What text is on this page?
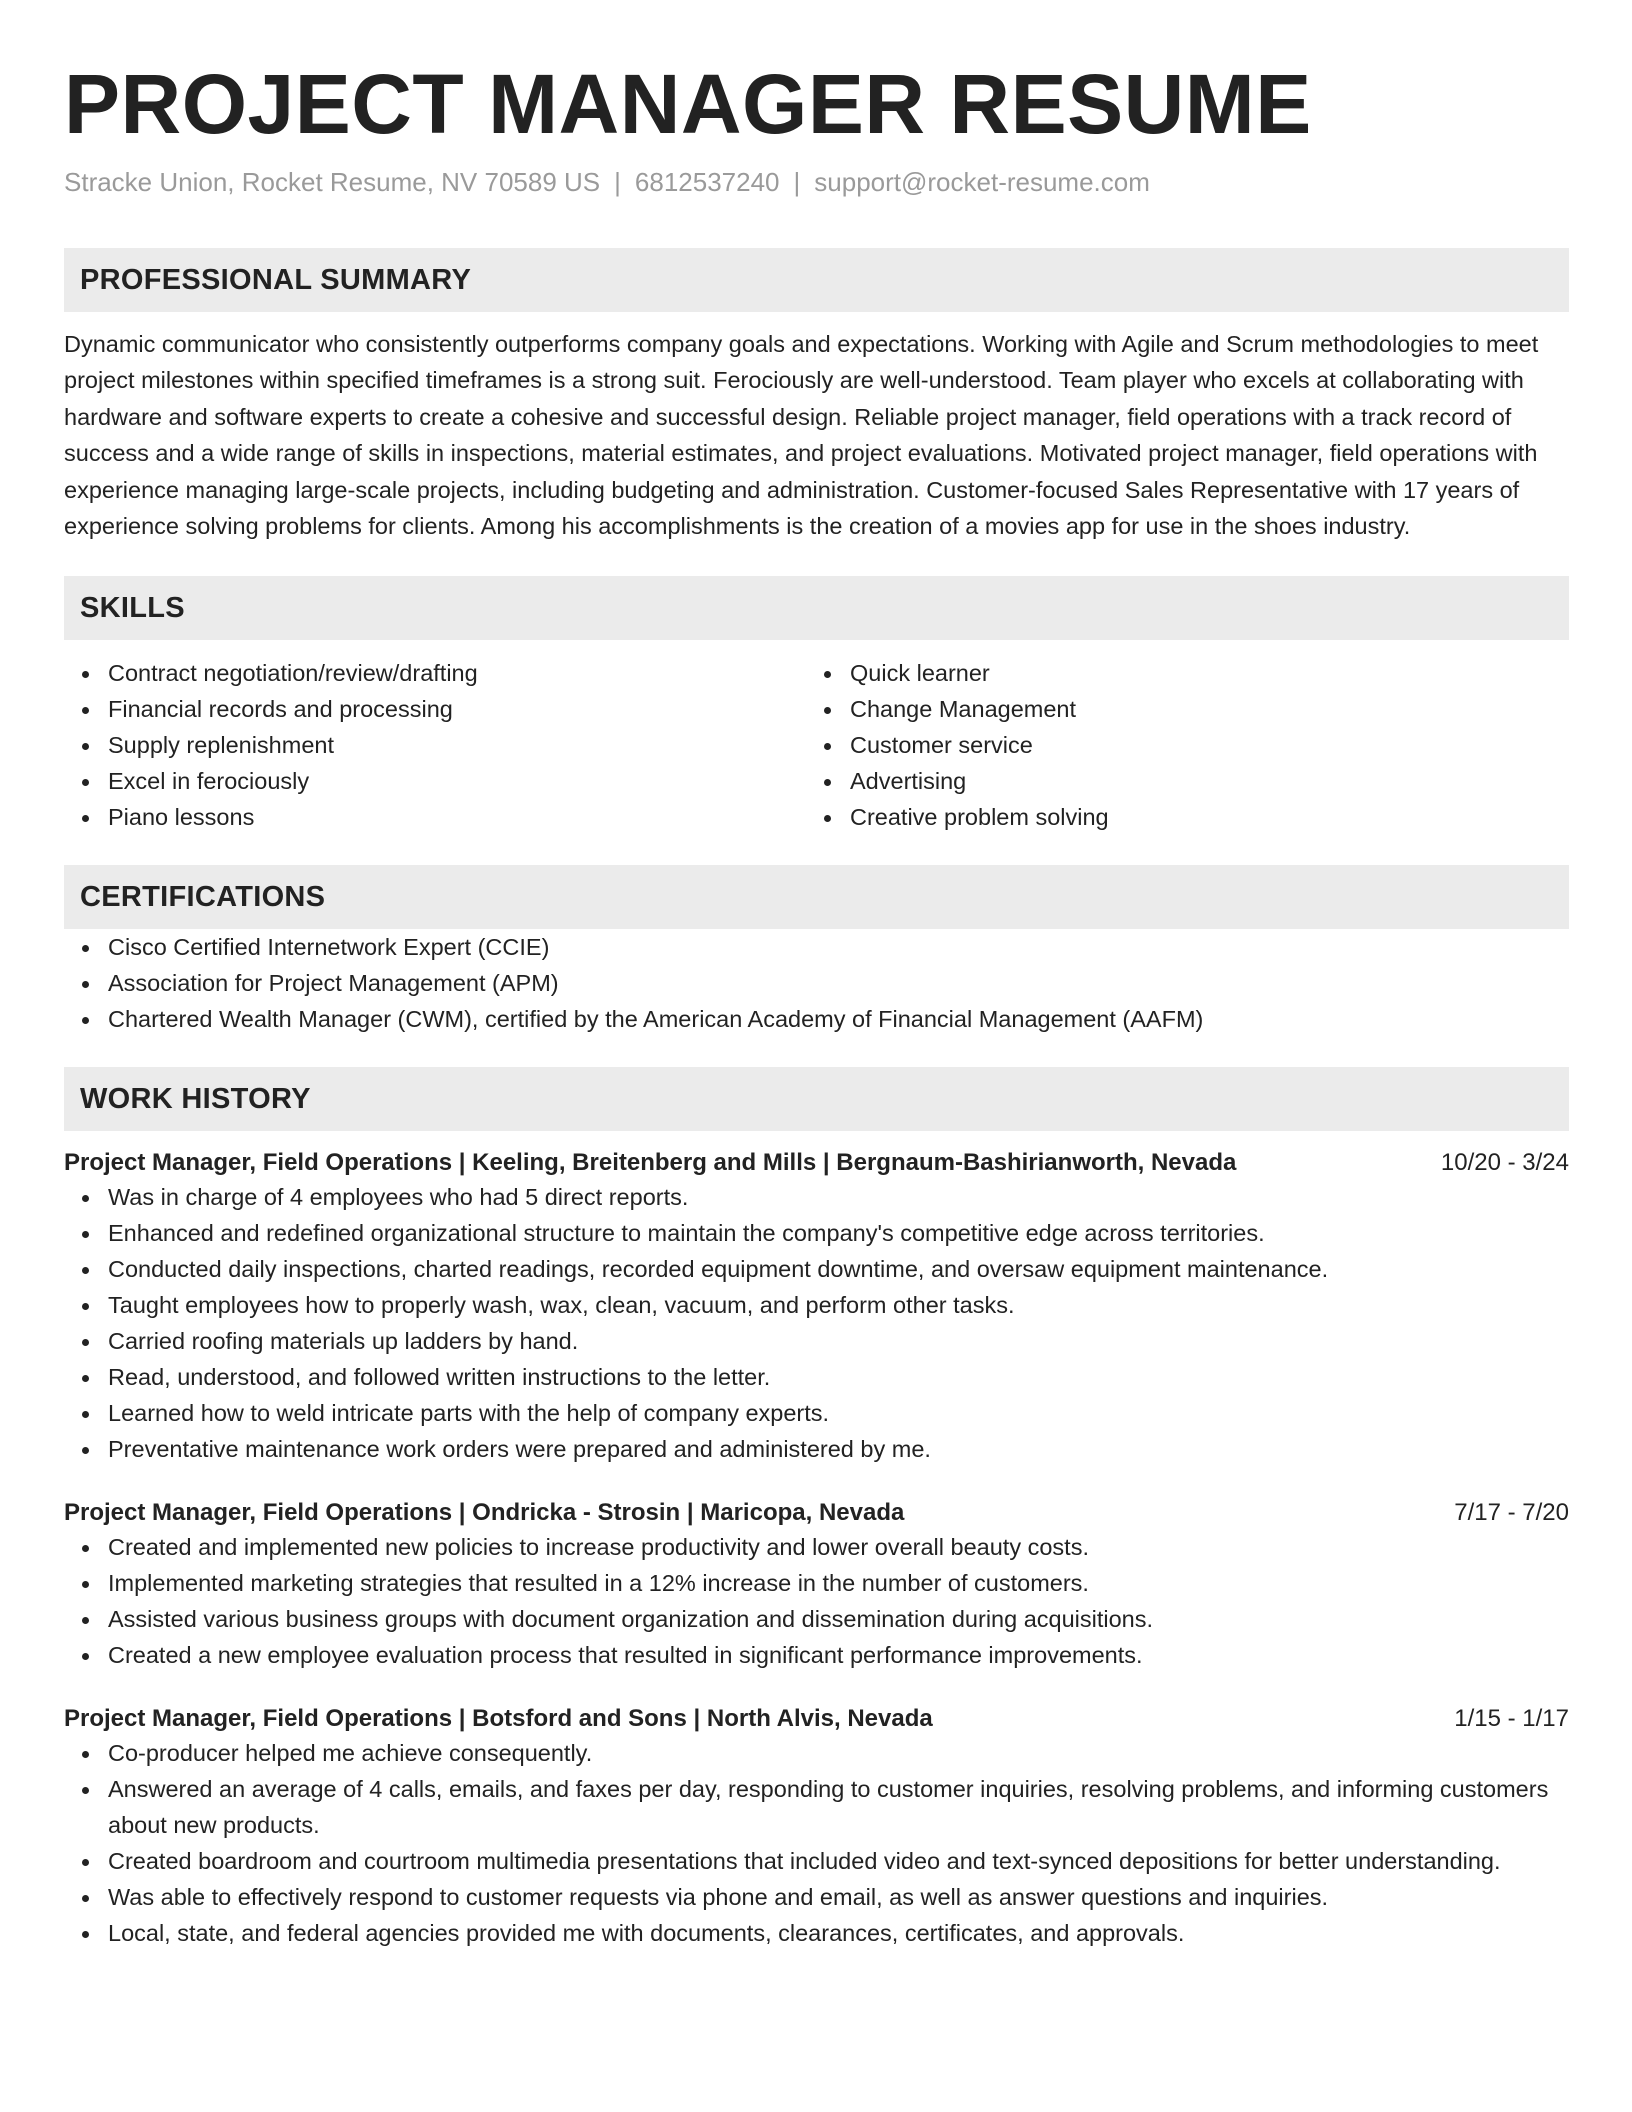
PROJECT MANAGER RESUME
Stracke Union, Rocket Resume, NV 70589 US | 6812537240 | support@rocket-resume.com
PROFESSIONAL SUMMARY

Dynamic communicator who consistently outperforms company goals and expectations. Working with Agile and Scrum methodologies to meet project milestones within specified timeframes is a strong suit. Ferociously are well-understood. Team player who excels at collaborating with hardware and software experts to create a cohesive and successful design. Reliable project manager, field operations with a track record of success and a wide range of skills in inspections, material estimates, and project evaluations. Motivated project manager, field operations with experience managing large-scale projects, including budgeting and administration. Customer-focused Sales Representative with 17 years of experience solving problems for clients. Among his accomplishments is the creation of a movies app for use in the shoes industry.

SKILLS
Contract negotiation/review/drafting
Financial records and processing
Supply replenishment
Excel in ferociously
Piano lessons
Quick learner
Change Management
Customer service
Advertising
Creative problem solving
CERTIFICATIONS
Cisco Certified Internetwork Expert (CCIE)
Association for Project Management (APM)
Chartered Wealth Manager (CWM), certified by the American Academy of Financial Management (AAFM)
WORK HISTORY
Project Manager, Field Operations | Keeling, Breitenberg and Mills | Bergnaum-Bashirianworth, Nevada	10/20 - 3/24
Was in charge of 4 employees who had 5 direct reports.
Enhanced and redefined organizational structure to maintain the company's competitive edge across territories.
Conducted daily inspections, charted readings, recorded equipment downtime, and oversaw equipment maintenance.
Taught employees how to properly wash, wax, clean, vacuum, and perform other tasks.
Carried roofing materials up ladders by hand.
Read, understood, and followed written instructions to the letter.
Learned how to weld intricate parts with the help of company experts.
Preventative maintenance work orders were prepared and administered by me.
Project Manager, Field Operations | Ondricka - Strosin | Maricopa, Nevada	7/17 - 7/20
Created and implemented new policies to increase productivity and lower overall beauty costs.
Implemented marketing strategies that resulted in a 12% increase in the number of customers.
Assisted various business groups with document organization and dissemination during acquisitions.
Created a new employee evaluation process that resulted in significant performance improvements.
Project Manager, Field Operations | Botsford and Sons | North Alvis, Nevada	1/15 - 1/17
Co-producer helped me achieve consequently.
Answered an average of 4 calls, emails, and faxes per day, responding to customer inquiries, resolving problems, and informing customers about new products.
Created boardroom and courtroom multimedia presentations that included video and text-synced depositions for better understanding.
Was able to effectively respond to customer requests via phone and email, as well as answer questions and inquiries.
Local, state, and federal agencies provided me with documents, clearances, certificates, and approvals.
